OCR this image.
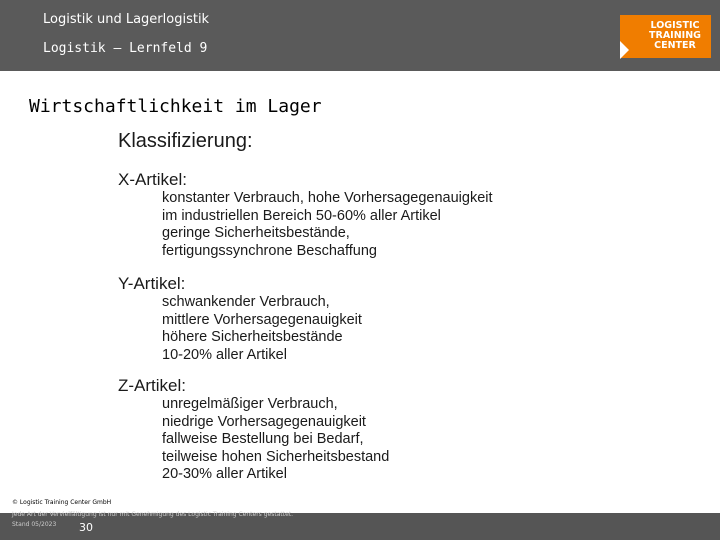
Logistik und Lagerlogistik
Logistik – Lernfeld 9
LOGISTIC
TRAINING
CENTER
Wirtschaftlichkeit im Lager
Klassifizierung:
X-Artikel:
konstanter Verbrauch, hohe Vorhersagegenauigkeit
im industriellen Bereich 50-60% aller Artikel
geringe Sicherheitsbestände,
fertigungssynchrone Beschaffung
Y-Artikel:
schwankender Verbrauch,
mittlere Vorhersagegenauigkeit
höhere Sicherheitsbestände
10-20% aller Artikel
Z-Artikel:
unregelmäßiger Verbrauch,
niedrige Vorhersagegenauigkeit
fallweise Bestellung bei Bedarf,
teilweise hohen Sicherheitsbestand
20-30% aller Artikel
© Logistic Training Center GmbH
Jede Art der Vervielfältigung ist nur mit Genehmigung des Logistic Training Centers gestattet.
Stand 05/2023 30
